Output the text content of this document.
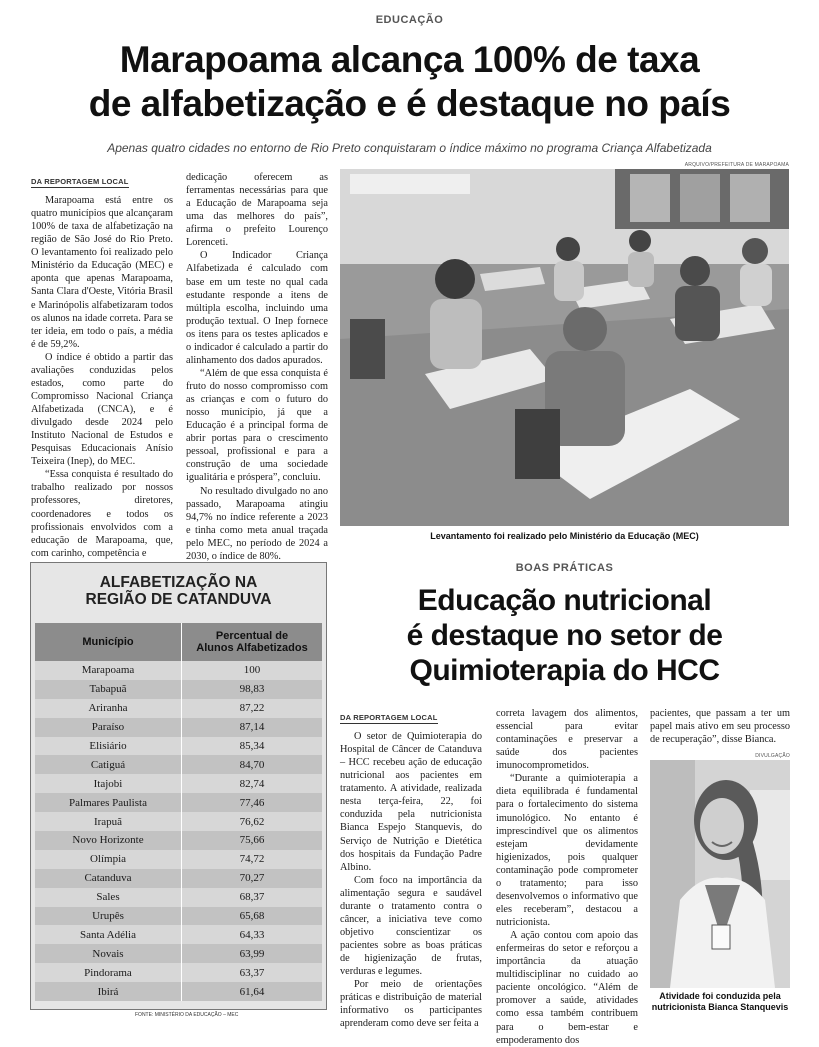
EDUCAÇÃO
Marapoama alcança 100% de taxa
de alfabetização e é destaque no país
Apenas quatro cidades no entorno de Rio Preto conquistaram o índice máximo no programa Criança Alfabetizada
DA REPORTAGEM LOCAL

Marapoama está entre os quatro municípios que alcançaram 100% de taxa de alfabetização na região de São José do Rio Preto. O levantamento foi realizado pelo Ministério da Educação (MEC) e aponta que apenas Marapoama, Santa Clara d'Oeste, Vitória Brasil e Marinópolis alfabetizaram todos os alunos na idade correta. Para se ter ideia, em todo o país, a média é de 59,2%.

O índice é obtido a partir das avaliações conduzidas pelos estados, como parte do Compromisso Nacional Criança Alfabetizada (CNCA), e é divulgado desde 2024 pelo Instituto Nacional de Estudos e Pesquisas Educacionais Anísio Teixeira (Inep), do MEC.

“Essa conquista é resultado do trabalho realizado por nossos professores, diretores, coordenadores e todos os profissionais envolvidos com a educação de Marapoama, que, com carinho, competência e

dedicação oferecem as ferramentas necessárias para que a Educação de Marapoama seja uma das melhores do país”, afirma o prefeito Lourenço Lorenceti.

O Indicador Criança Alfabetizada é calculado com base em um teste no qual cada estudante responde a itens de múltipla escolha, incluindo uma produção textual. O Inep fornece os itens para os testes aplicados e o indicador é calculado a partir do alinhamento dos dados apurados.

“Além de que essa conquista é fruto do nosso compromisso com as crianças e com o futuro do nosso município, já que a Educação é a principal forma de abrir portas para o crescimento pessoal, profissional e para a construção de uma sociedade igualitária e próspera”, concluiu.

No resultado divulgado no ano passado, Marapoama atingiu 94,7% no índice referente a 2023 e tinha como meta anual traçada pelo MEC, no período de 2024 a 2030, o índice de 80%.

ARQUIVO/PREFEITURA DE MARAPOAMA
Levantamento foi realizado pelo Ministério da Educação (MEC)
ALFABETIZAÇÃO NA
REGIÃO DE CATANDUVA
Município
Percentual de
Alunos Alfabetizados
Marapoama	100
Tabapuã	98,83
Ariranha	87,22
Paraíso	87,14
Elisiário	85,34
Catiguá	84,70
Itajobi	82,74
Palmares Paulista	77,46
Irapuã	76,62
Novo Horizonte	75,66
Olímpia	74,72
Catanduva	70,27
Sales	68,37
Urupês	65,68
Santa Adélia	64,33
Novais	63,99
Pindorama	63,37
Ibirá	61,64
FONTE: MINISTÉRIO DA EDUCAÇÃO – MEC
BOAS PRÁTICAS
Educação nutricional
é destaque no setor de
Quimioterapia do HCC
DA REPORTAGEM LOCAL

O setor de Quimioterapia do Hospital de Câncer de Catanduva – HCC recebeu ação de educação nutricional aos pacientes em tratamento. A atividade, realizada nesta terça-feira, 22, foi conduzida pela nutricionista Bianca Espejo Stanquevis, do Serviço de Nutrição e Dietética dos hospitais da Fundação Padre Albino.

Com foco na importância da alimentação segura e saudável durante o tratamento contra o câncer, a iniciativa teve como objetivo conscientizar os pacientes sobre as boas práticas de higienização de frutas, verduras e legumes.

Por meio de orientações práticas e distribuição de material informativo os participantes aprenderam como deve ser feita a

correta lavagem dos alimentos, essencial para evitar contaminações e preservar a saúde dos pacientes imunocomprometidos.

“Durante a quimioterapia a dieta equilibrada é fundamental para o fortalecimento do sistema imunológico. No entanto é imprescindível que os alimentos estejam devidamente higienizados, pois qualquer contaminação pode comprometer o tratamento; para isso desenvolvemos o informativo que eles receberam”, destacou a nutricionista.

A ação contou com apoio das enfermeiras do setor e reforçou a importância da atuação multidisciplinar no cuidado ao paciente oncológico. “Além de promover a saúde, atividades como essa também contribuem para o bem-estar e empoderamento dos

pacientes, que passam a ter um papel mais ativo em seu processo de recuperação”, disse Bianca.

DIVULGAÇÃO
Atividade foi conduzida pela
nutricionista Bianca Stanquevis
